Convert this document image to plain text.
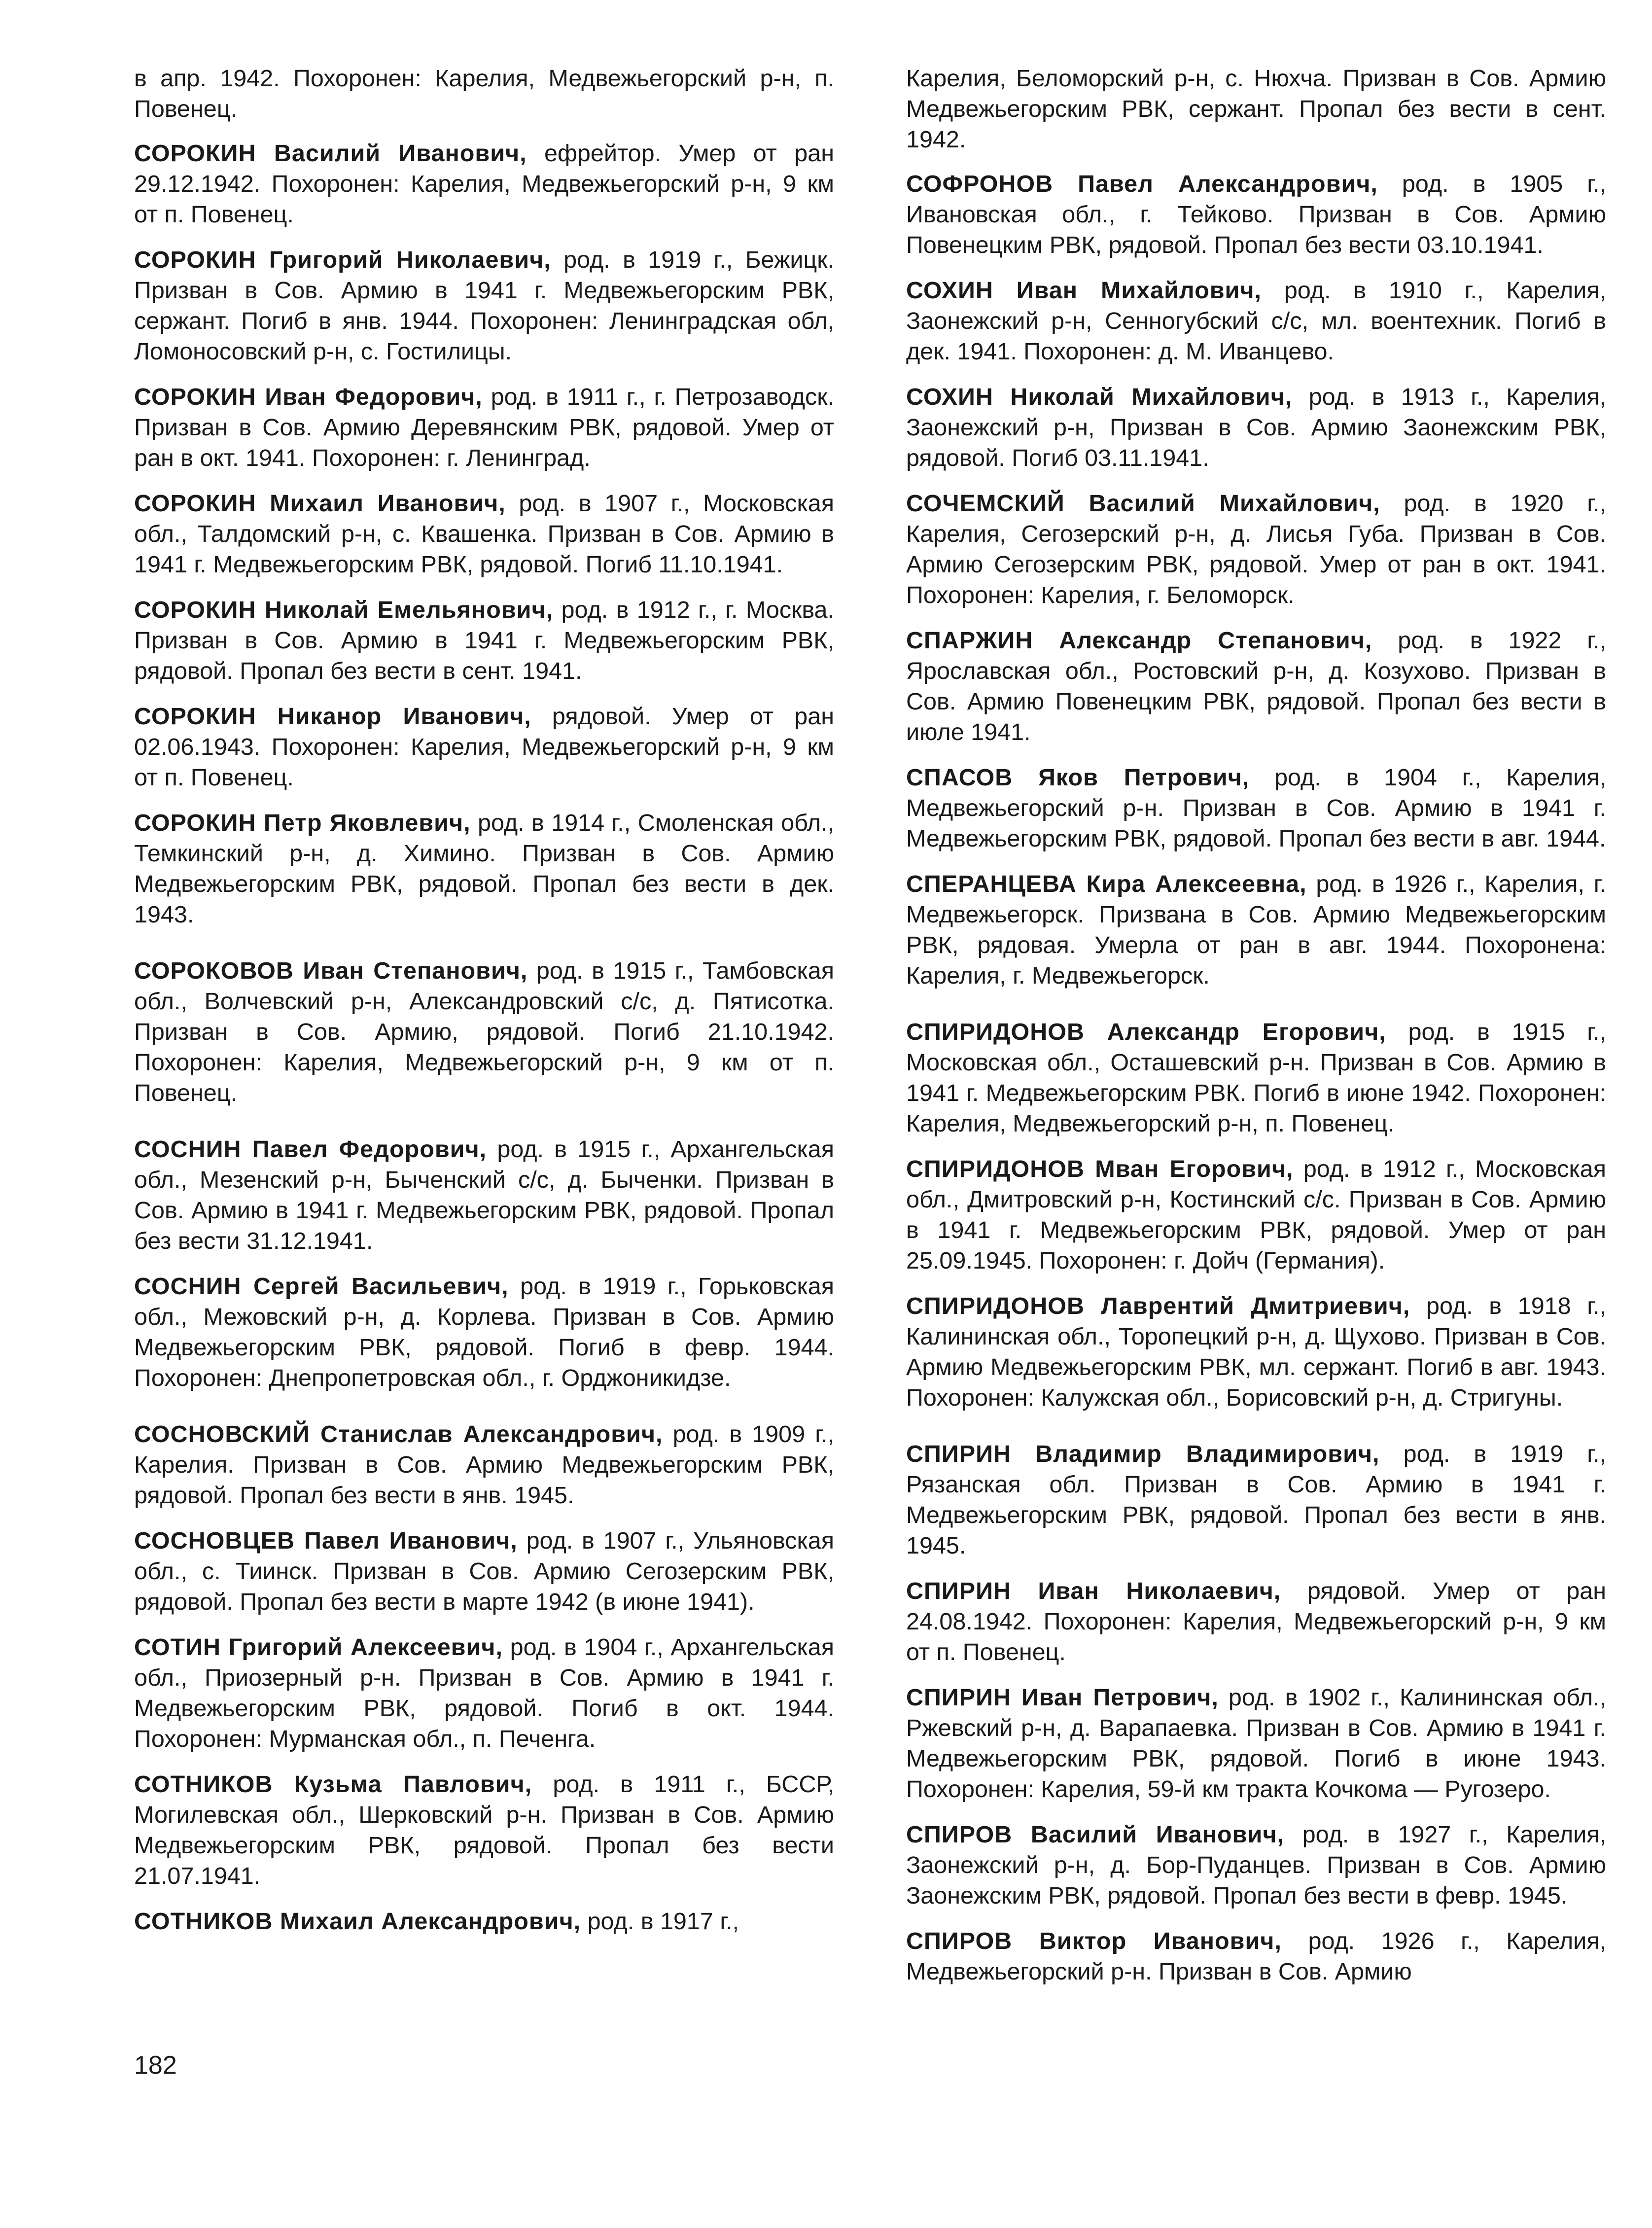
в апр. 1942. Похоронен: Карелия, Медвежьегорский р-н, п. Повенец.

СОРОКИН Василий Иванович, ефрейтор. Умер от ран 29.12.1942. Похоронен: Карелия, Медвежьегорский р-н, 9 км от п. Повенец.

СОРОКИН Григорий Николаевич, род. в 1919 г., Бежицк. Призван в Сов. Армию в 1941 г. Медвежьегорским РВК, сержант. Погиб в янв. 1944. Похоронен: Ленинградская обл, Ломоносовский р-н, с. Гостилицы.

СОРОКИН Иван Федорович, род. в 1911 г., г. Петрозаводск. Призван в Сов. Армию Деревянским РВК, рядовой. Умер от ран в окт. 1941. Похоронен: г. Ленинград.

СОРОКИН Михаил Иванович, род. в 1907 г., Московская обл., Талдомский р-н, с. Квашенка. Призван в Сов. Армию в 1941 г. Медвежьегорским РВК, рядовой. Погиб 11.10.1941.

СОРОКИН Николай Емельянович, род. в 1912 г., г. Москва. Призван в Сов. Армию в 1941 г. Медвежьегорским РВК, рядовой. Пропал без вести в сент. 1941.

СОРОКИН Никанор Иванович, рядовой. Умер от ран 02.06.1943. Похоронен: Карелия, Медвежьегорский р-н, 9 км от п. Повенец.

СОРОКИН Петр Яковлевич, род. в 1914 г., Смоленская обл., Темкинский р-н, д. Химино. Призван в Сов. Армию Медвежьегорским РВК, рядовой. Пропал без вести в дек. 1943.

СОРОКОВОВ Иван Степанович, род. в 1915 г., Тамбовская обл., Волчевский р-н, Александровский с/с, д. Пятисотка. Призван в Сов. Армию, рядовой. Погиб 21.10.1942. Похоронен: Карелия, Медвежьегорский р-н, 9 км от п. Повенец.

СОСНИН Павел Федорович, род. в 1915 г., Архангельская обл., Мезенский р-н, Быченский с/с, д. Быченки. Призван в Сов. Армию в 1941 г. Медвежьегорским РВК, рядовой. Пропал без вести 31.12.1941.

СОСНИН Сергей Васильевич, род. в 1919 г., Горьковская обл., Межовский р-н, д. Корлева. Призван в Сов. Армию Медвежьегорским РВК, рядовой. Погиб в февр. 1944. Похоронен: Днепропетровская обл., г. Орджоникидзе.

СОСНОВСКИЙ Станислав Александрович, род. в 1909 г., Карелия. Призван в Сов. Армию Медвежьегорским РВК, рядовой. Пропал без вести в янв. 1945.

СОСНОВЦЕВ Павел Иванович, род. в 1907 г., Ульяновская обл., с. Тиинск. Призван в Сов. Армию Сегозерским РВК, рядовой. Пропал без вести в марте 1942 (в июне 1941).

СОТИН Григорий Алексеевич, род. в 1904 г., Архангельская обл., Приозерный р-н. Призван в Сов. Армию в 1941 г. Медвежьегорским РВК, рядовой. Погиб в окт. 1944. Похоронен: Мурманская обл., п. Печенга.

СОТНИКОВ Кузьма Павлович, род. в 1911 г., БССР, Могилевская обл., Шерковский р-н. Призван в Сов. Армию Медвежьегорским РВК, рядовой. Пропал без вести 21.07.1941.

СОТНИКОВ Михаил Александрович, род. в 1917 г.,

Карелия, Беломорский р-н, с. Нюхча. Призван в Сов. Армию Медвежьегорским РВК, сержант. Пропал без вести в сент. 1942.

СОФРОНОВ Павел Александрович, род. в 1905 г., Ивановская обл., г. Тейково. Призван в Сов. Армию Повенецким РВК, рядовой. Пропал без вести 03.10.1941.

СОХИН Иван Михайлович, род. в 1910 г., Карелия, Заонежский р-н, Сенногубский с/с, мл. воентехник. Погиб в дек. 1941. Похоронен: д. М. Иванцево.

СОХИН Николай Михайлович, род. в 1913 г., Карелия, Заонежский р-н, Призван в Сов. Армию Заонежским РВК, рядовой. Погиб 03.11.1941.

СОЧЕМСКИЙ Василий Михайлович, род. в 1920 г., Карелия, Сегозерский р-н, д. Лисья Губа. Призван в Сов. Армию Сегозерским РВК, рядовой. Умер от ран в окт. 1941. Похоронен: Карелия, г. Беломорск.

СПАРЖИН Александр Степанович, род. в 1922 г., Ярославская обл., Ростовский р-н, д. Козухово. Призван в Сов. Армию Повенецким РВК, рядовой. Пропал без вести в июле 1941.

СПАСОВ Яков Петрович, род. в 1904 г., Карелия, Медвежьегорский р-н. Призван в Сов. Армию в 1941 г. Медвежьегорским РВК, рядовой. Пропал без вести в авг. 1944.

СПЕРАНЦЕВА Кира Алексеевна, род. в 1926 г., Карелия, г. Медвежьегорск. Призвана в Сов. Армию Медвежьегорским РВК, рядовая. Умерла от ран в авг. 1944. Похоронена: Карелия, г. Медвежьегорск.

СПИРИДОНОВ Александр Егорович, род. в 1915 г., Московская обл., Осташевский р-н. Призван в Сов. Армию в 1941 г. Медвежьегорским РВК. Погиб в июне 1942. Похоронен: Карелия, Медвежьегорский р-н, п. Повенец.

СПИРИДОНОВ Мван Егорович, род. в 1912 г., Московская обл., Дмитровский р-н, Костинский с/с. Призван в Сов. Армию в 1941 г. Медвежьегорским РВК, рядовой. Умер от ран 25.09.1945. Похоронен: г. Дойч (Германия).

СПИРИДОНОВ Лаврентий Дмитриевич, род. в 1918 г., Калининская обл., Торопецкий р-н, д. Щухово. Призван в Сов. Армию Медвежьегорским РВК, мл. сержант. Погиб в авг. 1943. Похоронен: Калужская обл., Борисовский р-н, д. Стригуны.

СПИРИН Владимир Владимирович, род. в 1919 г., Рязанская обл. Призван в Сов. Армию в 1941 г. Медвежьегорским РВК, рядовой. Пропал без вести в янв. 1945.

СПИРИН Иван Николаевич, рядовой. Умер от ран 24.08.1942. Похоронен: Карелия, Медвежьегорский р-н, 9 км от п. Повенец.

СПИРИН Иван Петрович, род. в 1902 г., Калининская обл., Ржевский р-н, д. Варапаевка. Призван в Сов. Армию в 1941 г. Медвежьегорским РВК, рядовой. Погиб в июне 1943. Похоронен: Карелия, 59-й км тракта Кочкома — Ругозеро.

СПИРОВ Василий Иванович, род. в 1927 г., Карелия, Заонежский р-н, д. Бор-Пуданцев. Призван в Сов. Армию Заонежским РВК, рядовой. Пропал без вести в февр. 1945.

СПИРОВ Виктор Иванович, род. 1926 г., Карелия, Медвежьегорский р-н. Призван в Сов. Армию

182
